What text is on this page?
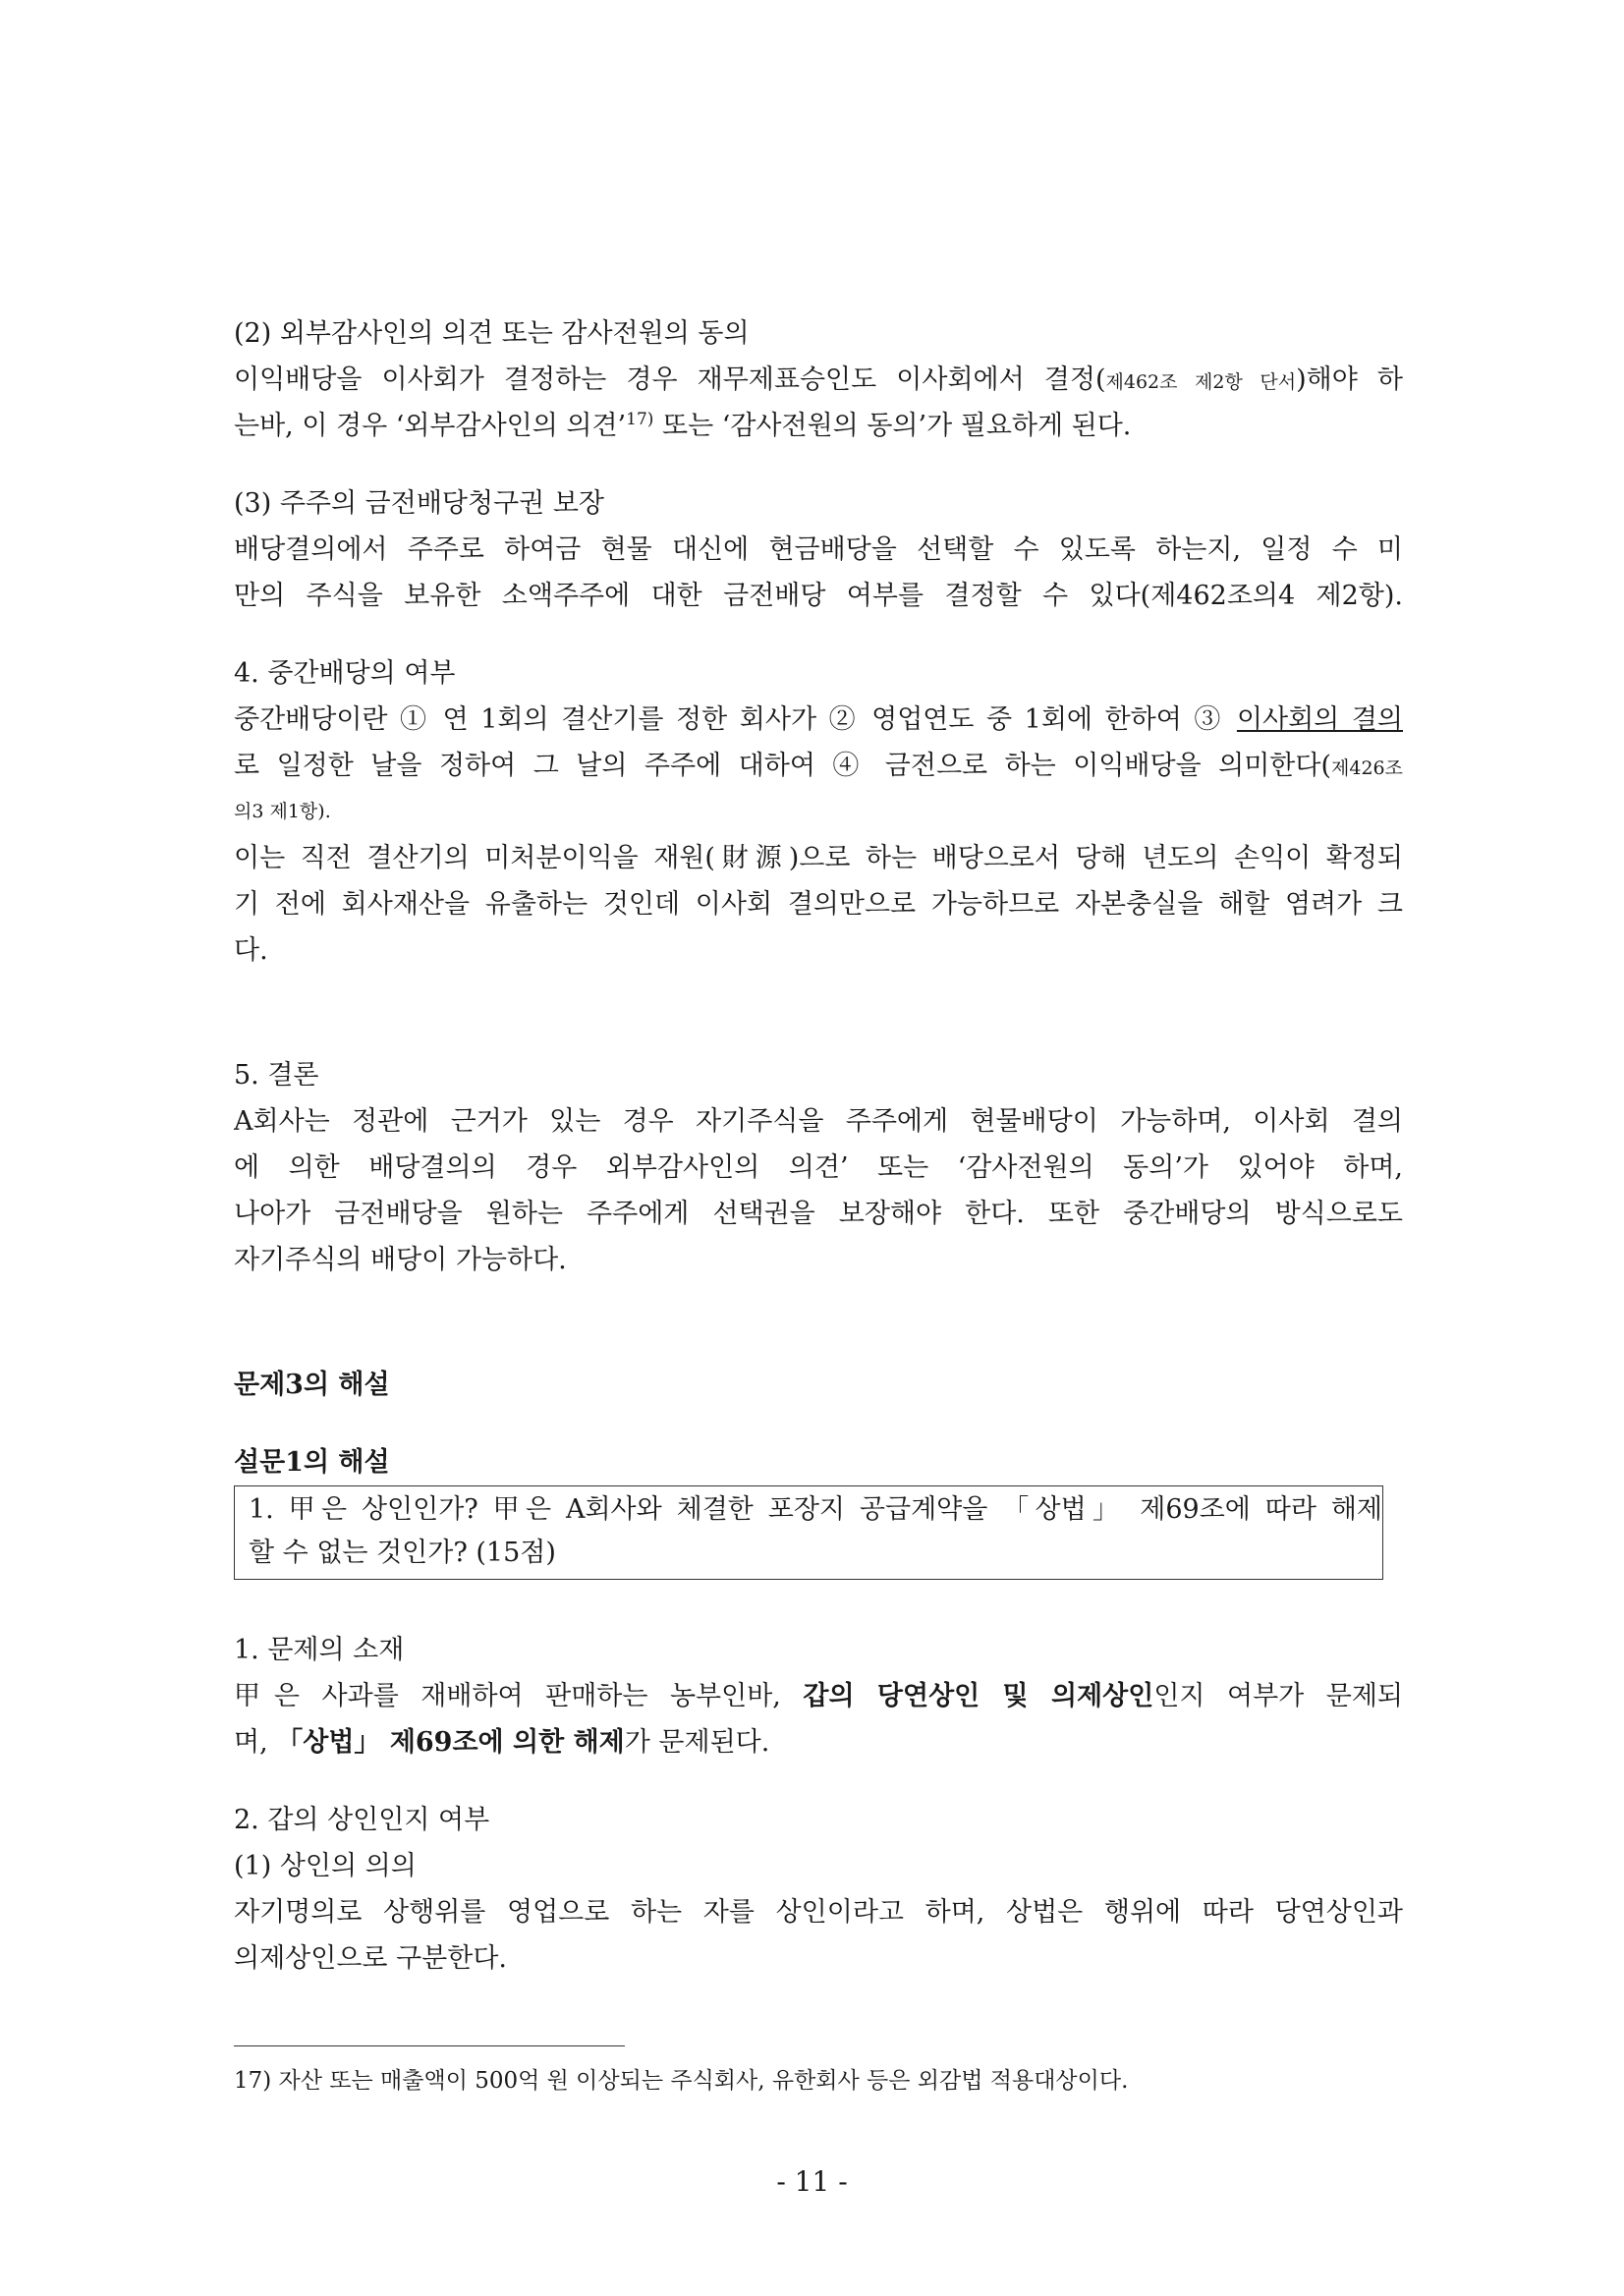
(2) 외부감사인의 의견 또는 감사전원의 동의
이익배당을 이사회가 결정하는 경우 재무제표승인도 이사회에서 결정(제462조 제2항 단서)해야 하
는바, 이 경우 ‘외부감사인의 의견’$^{17)}$ 또는 ‘감사전원의 동의’가 필요하게 된다.
(3) 주주의 금전배당청구권 보장
배당결의에서 주주로 하여금 현물 대신에 현금배당을 선택할 수 있도록 하는지, 일정 수 미
만의 주식을 보유한 소액주주에 대한 금전배당 여부를 결정할 수 있다(제462조의4 제2항).
4. 중간배당의 여부
중간배당이란 ① 연 1회의 결산기를 정한 회사가 ② 영업연도 중 1회에 한하여 ③ 이사회의 결의
로 일정한 날을 정하여 그 날의 주주에 대하여 ④ 금전으로 하는 이익배당을 의미한다(제426조
의3 제1항).
이는 직전 결산기의 미처분이익을 재원(財源)으로 하는 배당으로서 당해 년도의 손익이 확정되
기 전에 회사재산을 유출하는 것인데 이사회 결의만으로 가능하므로 자본충실을 해할 염려가 크
다.
5. 결론
A회사는 정관에 근거가 있는 경우 자기주식을 주주에게 현물배당이 가능하며, 이사회 결의
에 의한 배당결의의 경우 외부감사인의 의견’ 또는 ‘감사전원의 동의’가 있어야 하며,
나아가 금전배당을 원하는 주주에게 선택권을 보장해야 한다. 또한 중간배당의 방식으로도
자기주식의 배당이 가능하다.
문제3의 해설
설문1의 해설
1. 甲은 상인인가? 甲은 A회사와 체결한 포장지 공급계약을 「상법」 제69조에 따라 해제
할 수 없는 것인가? (15점)
1. 문제의 소재
甲은 사과를 재배하여 판매하는 농부인바, 갑의 당연상인 및 의제상인인지 여부가 문제되
며, 「상법」 제69조에 의한 해제가 문제된다.
2. 갑의 상인인지 여부
(1) 상인의 의의
자기명의로 상행위를 영업으로 하는 자를 상인이라고 하며, 상법은 행위에 따라 당연상인과
의제상인으로 구분한다.
17) 자산 또는 매출액이 500억 원 이상되는 주식회사, 유한회사 등은 외감법 적용대상이다.
- 11 -
